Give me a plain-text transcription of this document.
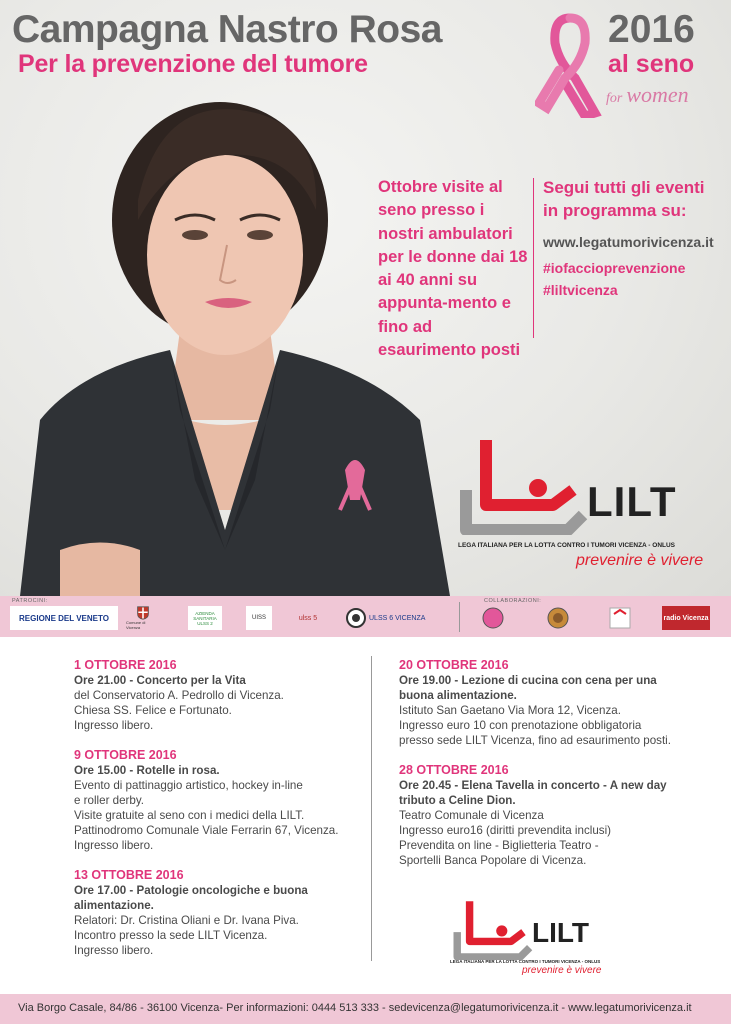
Campagna Nastro Rosa	2016
Per la prevenzione del tumore	al seno
for women
Ottobre visite al seno presso i nostri ambulatori per le donne dai 18 ai 40 anni su appunta-mento e fino ad esaurimento posti
Segui tutti gli eventi in programma su:
www.legatumorivicenza.it
#iofaccioprevenzione
#liltvicenza
LILT
LEGA ITALIANA PER LA LOTTA CONTRO I TUMORI VICENZA - ONLUS
prevenire è vivere
PATROCINI:	COLLABORAZIONI:
REGIONE DEL VENETO	Comune di Vicenza
AZIENDA SANITARIA ULSS 2
UISS	ulss 5	ULSS 6 VICENZA	radio Vicenza

1 OTTOBRE 2016

Ore 21.00 - Concerto per la Vita

del Conservatorio A. Pedrollo di Vicenza.

Chiesa SS. Felice e Fortunato.

Ingresso libero.

9 OTTOBRE 2016

Ore 15.00 - Rotelle in rosa.

Evento di pattinaggio artistico, hockey in-line

e roller derby.

Visite gratuite al seno con i medici della LILT.

Pattinodromo Comunale Viale Ferrarin 67, Vicenza.

Ingresso libero.

13 OTTOBRE 2016

Ore 17.00 - Patologie oncologiche e buona alimentazione.

Relatori: Dr. Cristina Oliani e Dr. Ivana Piva.

Incontro presso la sede LILT Vicenza.

Ingresso libero.

20 OTTOBRE 2016

Ore 19.00 - Lezione di cucina con cena per una buona alimentazione.

Istituto San Gaetano Via Mora 12, Vicenza.

Ingresso euro 10 con prenotazione obbligatoria

presso sede LILT Vicenza, fino ad esaurimento posti.

28 OTTOBRE 2016

Ore 20.45 - Elena Tavella in concerto - A new day tributo a Celine Dion.

Teatro Comunale di Vicenza

Ingresso euro16 (diritti prevendita inclusi)

Prevendita on line - Biglietteria Teatro -

Sportelli Banca Popolare di Vicenza.

LILT
LEGA ITALIANA PER LA LOTTA CONTRO I TUMORI VICENZA - ONLUS
prevenire è vivere
Via Borgo Casale, 84/86 - 36100 Vicenza- Per informazioni: 0444 513 333 - sedevicenza@legatumorivicenza.it - www.legatumorivicenza.it
